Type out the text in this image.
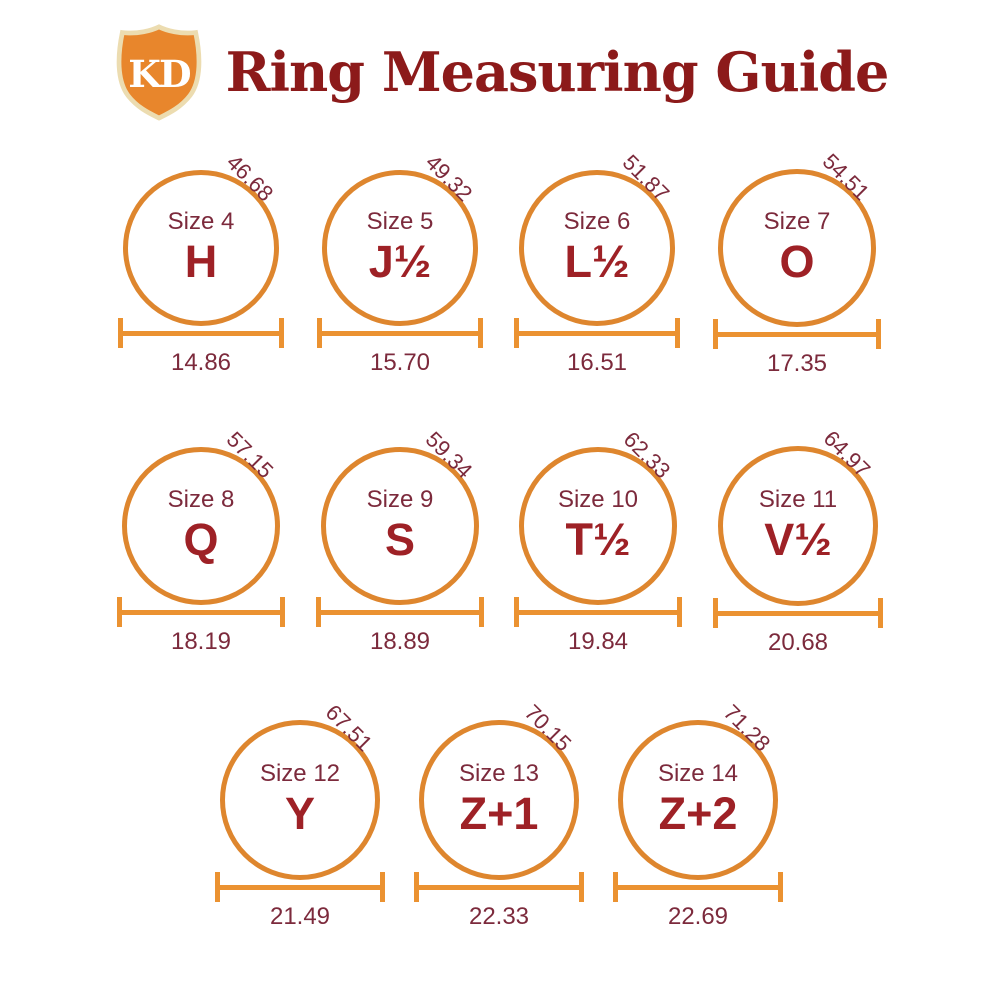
KD Ring Measuring Guide
Size 4
H
46.68
14.86
Size 5
J½
49.32
15.70
Size 6
L½
51.87
16.51
Size 7
O
54.51
17.35
Size 8
Q
57.15
18.19
Size 9
S
59.34
18.89
Size 10
T½
62.33
19.84
Size 11
V½
64.97
20.68
Size 12
Y
67.51
21.49
Size 13
Z+1
70.15
22.33
Size 14
Z+2
71.28
22.69
